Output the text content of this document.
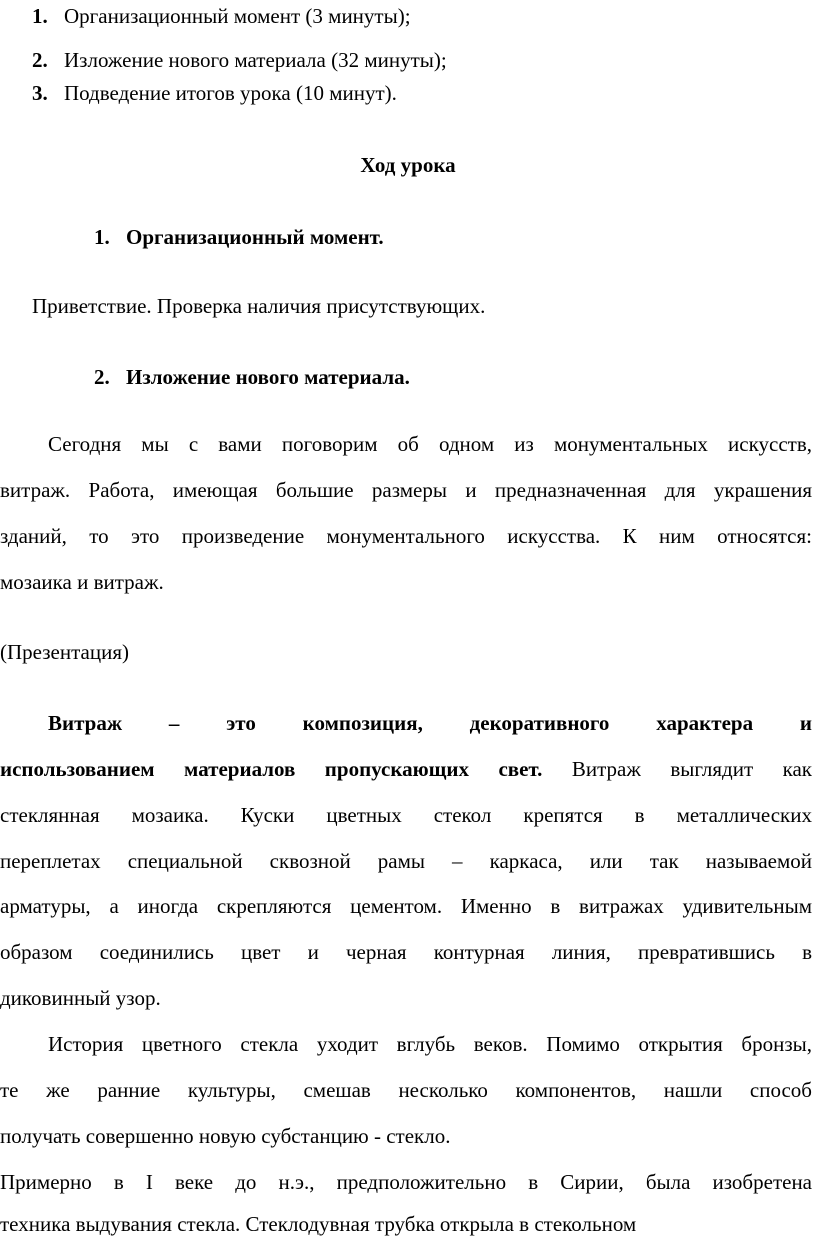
1. Организационный момент (3 минуты);
2. Изложение нового материала (32 минуты);
3. Подведение итогов урока (10 минут).
Ход урока
1. Организационный момент.
Приветствие. Проверка наличия присутствующих.
2. Изложение нового материала.
Сегодня мы с вами поговорим об одном из монументальных искусств,
витраж. Работа, имеющая большие размеры и предназначенная для украшения
зданий, то это произведение монументального искусства. К ним относятся:
мозаика и витраж.
(Презентация)
Витраж – это композиция, декоративного характера и
использованием материалов пропускающих свет. Витраж выглядит как
стеклянная мозаика. Куски цветных стекол крепятся в металлических
переплетах специальной сквозной рамы – каркаса, или так называемой
арматуры, а иногда скрепляются цементом. Именно в витражах удивительным
образом соединились цвет и черная контурная линия, превратившись в
диковинный узор.
История цветного стекла уходит вглубь веков. Помимо открытия бронзы,
те же ранние культуры, смешав несколько компонентов, нашли способ
получать совершенно новую субстанцию - стекло.
Примерно в I веке до н.э., предположительно в Сирии, была изобретена
техника выдувания стекла. Стеклодувная трубка открыла в стекольном
